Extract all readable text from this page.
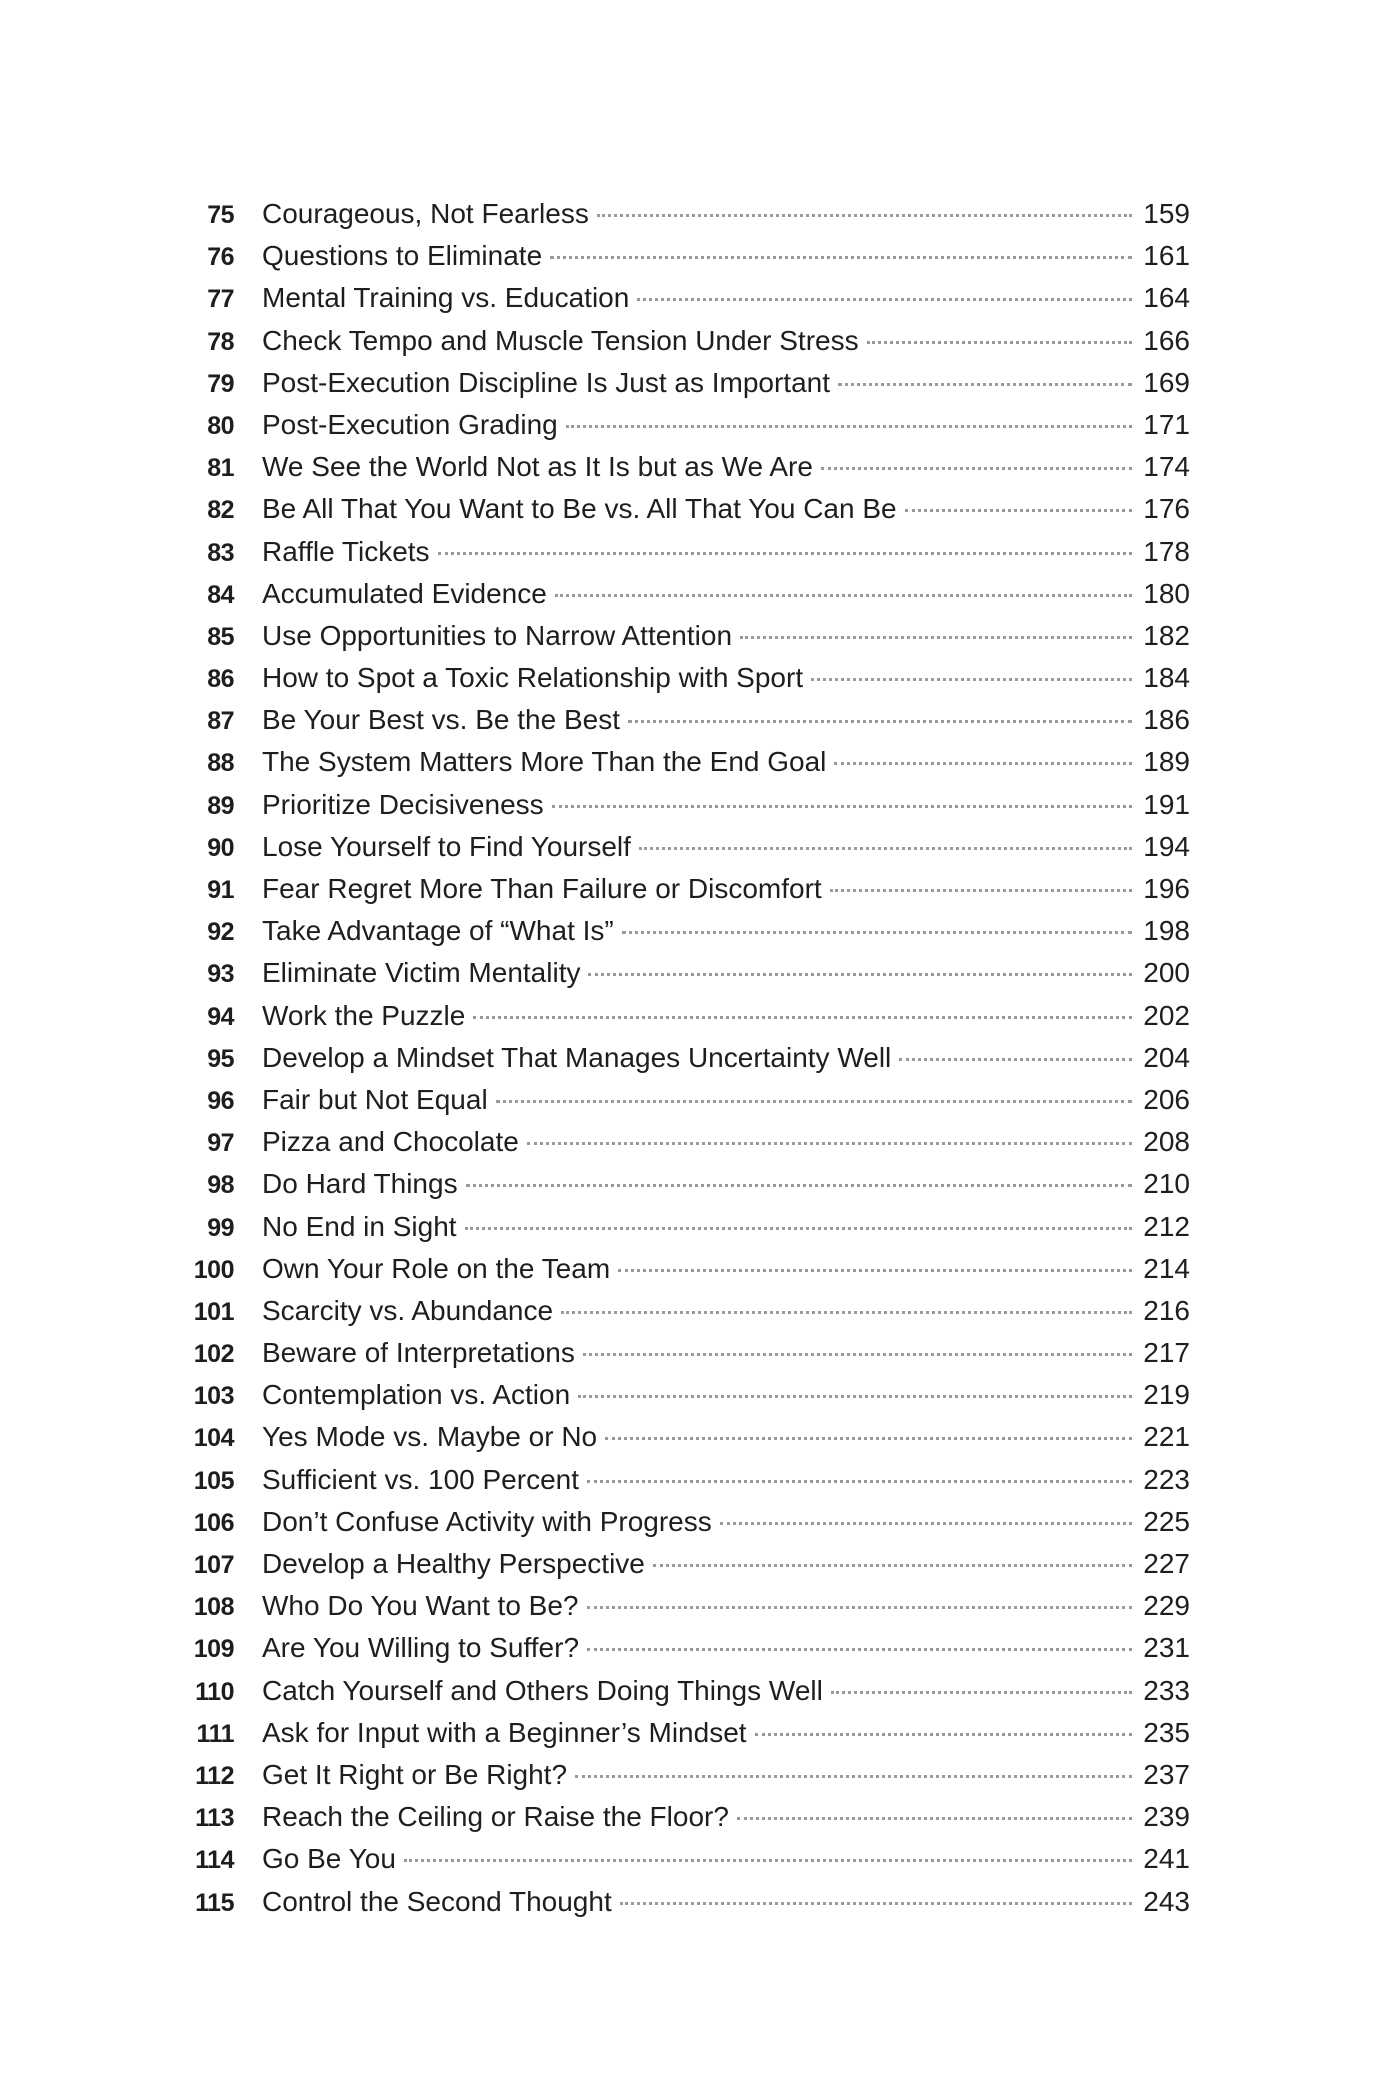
75 Courageous, Not Fearless	159
76 Questions to Eliminate	161
77 Mental Training vs. Education	164
78 Check Tempo and Muscle Tension Under Stress	166
79 Post-Execution Discipline Is Just as Important	169
80 Post-Execution Grading	171
81 We See the World Not as It Is but as We Are	174
82 Be All That You Want to Be vs. All That You Can Be	176
83 Raffle Tickets	178
84 Accumulated Evidence	180
85 Use Opportunities to Narrow Attention	182
86 How to Spot a Toxic Relationship with Sport	184
87 Be Your Best vs. Be the Best	186
88 The System Matters More Than the End Goal	189
89 Prioritize Decisiveness	191
90 Lose Yourself to Find Yourself	194
91 Fear Regret More Than Failure or Discomfort	196
92 Take Advantage of “What Is”	198
93 Eliminate Victim Mentality	200
94 Work the Puzzle	202
95 Develop a Mindset That Manages Uncertainty Well	204
96 Fair but Not Equal	206
97 Pizza and Chocolate	208
98 Do Hard Things	210
99 No End in Sight	212
100 Own Your Role on the Team	214
101 Scarcity vs. Abundance	216
102 Beware of Interpretations	217
103 Contemplation vs. Action	219
104 Yes Mode vs. Maybe or No	221
105 Sufficient vs. 100 Percent	223
106 Don’t Confuse Activity with Progress	225
107 Develop a Healthy Perspective	227
108 Who Do You Want to Be?	229
109 Are You Willing to Suffer?	231
110 Catch Yourself and Others Doing Things Well	233
111 Ask for Input with a Beginner’s Mindset	235
112 Get It Right or Be Right?	237
113 Reach the Ceiling or Raise the Floor?	239
114 Go Be You	241
115 Control the Second Thought	243
